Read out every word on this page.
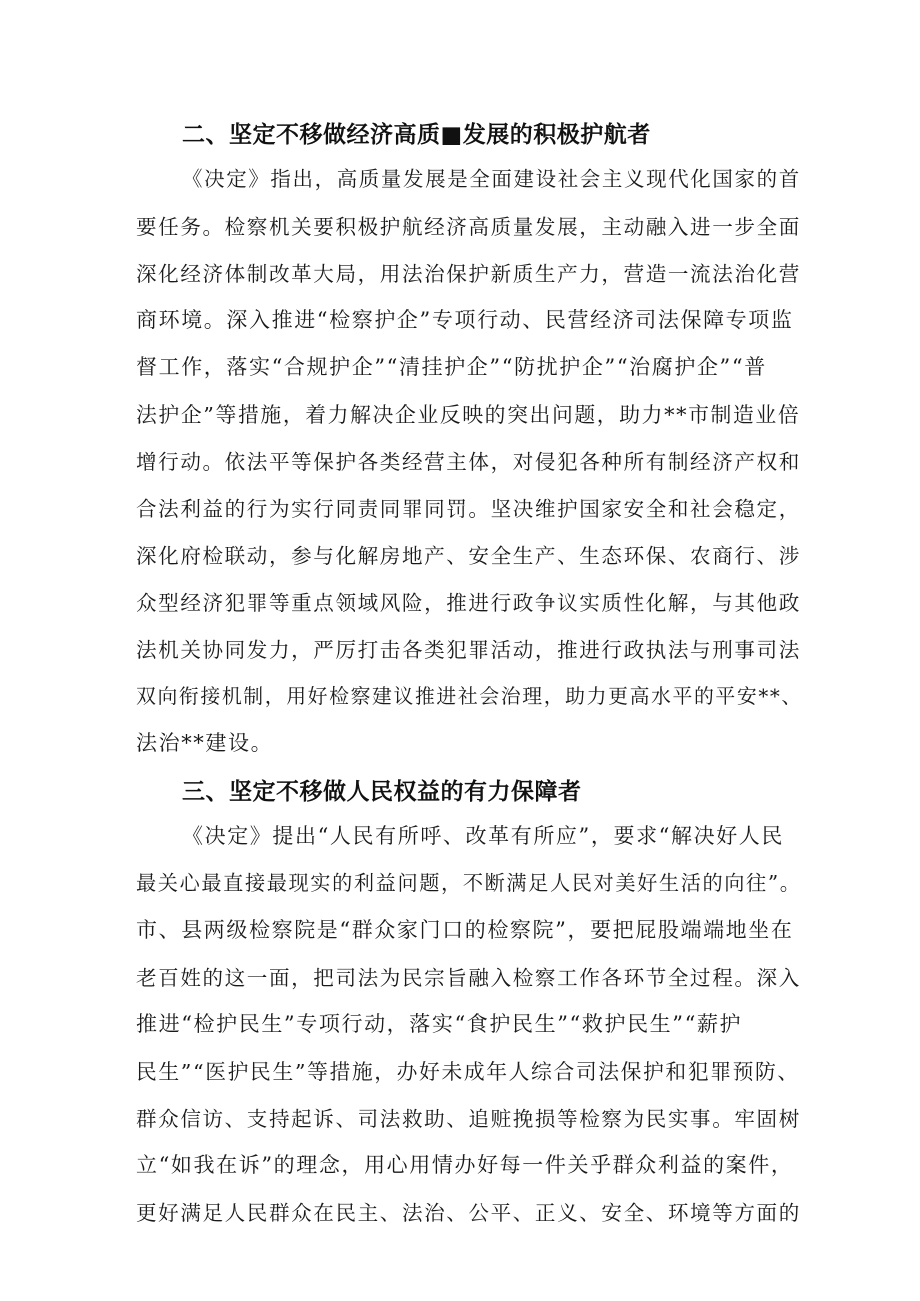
二、坚定不移做经济高质■发展的积极护航者
《决定》指出，高质量发展是全面建设社会主义现代化国家的首
要任务。检察机关要积极护航经济高质量发展，主动融入进一步全面
深化经济体制改革大局，用法治保护新质生产力，营造一流法治化营
商环境。深入推进“检察护企”专项行动、民营经济司法保障专项监
督工作，落实“合规护企”“清挂护企”“防扰护企”“治腐护企”“普
法护企”等措施，着力解决企业反映的突出问题，助力**市制造业倍
增行动。依法平等保护各类经营主体，对侵犯各种所有制经济产权和
合法利益的行为实行同责同罪同罚。坚决维护国家安全和社会稳定，
深化府检联动，参与化解房地产、安全生产、生态环保、农商行、涉
众型经济犯罪等重点领域风险，推进行政争议实质性化解，与其他政
法机关协同发力，严厉打击各类犯罪活动，推进行政执法与刑事司法
双向衔接机制，用好检察建议推进社会治理，助力更高水平的平安**、
法治**建设。
三、坚定不移做人民权益的有力保障者
《决定》提出“人民有所呼、改革有所应”，要求“解决好人民
最关心最直接最现实的利益问题，不断满足人民对美好生活的向往”。
市、县两级检察院是“群众家门口的检察院”，要把屁股端端地坐在
老百姓的这一面，把司法为民宗旨融入检察工作各环节全过程。深入
推进“检护民生”专项行动，落实“食护民生”“救护民生”“薪护
民生”“医护民生”等措施，办好未成年人综合司法保护和犯罪预防、
群众信访、支持起诉、司法救助、追赃挽损等检察为民实事。牢固树
立“如我在诉”的理念，用心用情办好每一件关乎群众利益的案件，
更好满足人民群众在民主、法治、公平、正义、安全、环境等方面的
